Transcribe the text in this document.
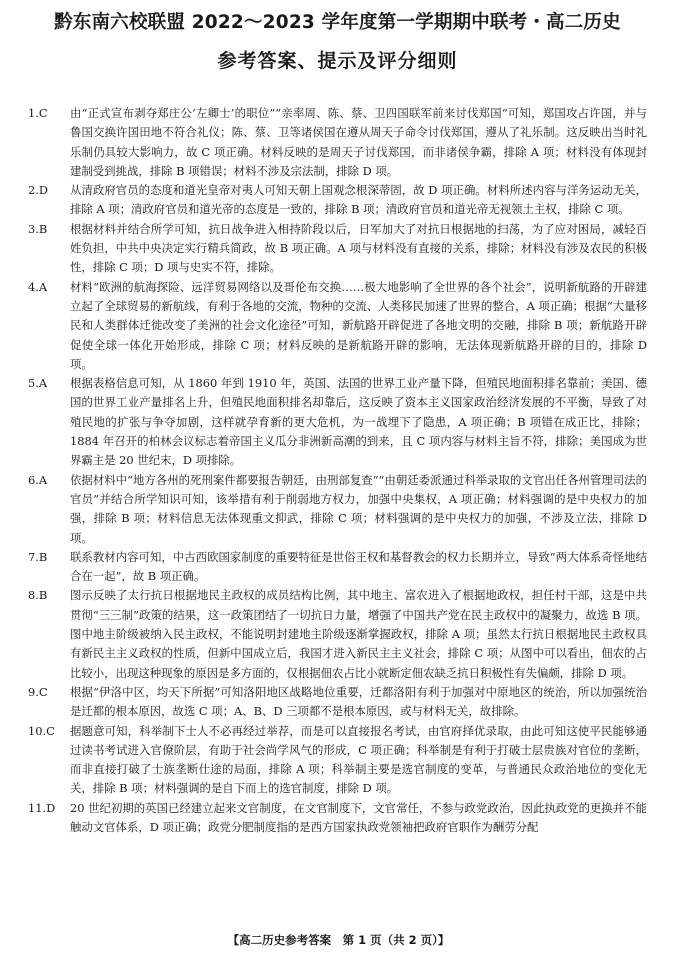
黔东南六校联盟 2022～2023 学年度第一学期期中联考・高二历史
参考答案、提示及评分细则
1.C	由“正式宣布剥夺郑庄公‘左卿士’的职位”“亲率周、陈、蔡、卫四国联军前来讨伐郑国”可知，郑国攻占许国，并与鲁国交换许国田地不符合礼仪；陈、蔡、卫等诸侯国在遵从周天子命令讨伐郑国，遵从了礼乐制。这反映出当时礼乐制仍具较大影响力，故 C 项正确。材料反映的是周天子讨伐郑国，而非诸侯争霸，排除 A 项；材料没有体现封建制受到挑战，排除 B 项错误；材料不涉及宗法制，排除 D 项。
2.D	从清政府官员的态度和道光皇帝对夷人可知天朝上国观念根深蒂固，故 D 项正确。材料所述内容与洋务运动无关，排除 A 项；清政府官员和道光帝的态度是一致的，排除 B 项；清政府官员和道光帝无视领土主权，排除 C 项。
3.B	根据材料并结合所学可知，抗日战争进入相持阶段以后，日军加大了对抗日根据地的扫荡，为了应对困局，减轻百姓负担，中共中央决定实行精兵简政，故 B 项正确。A 项与材料没有直接的关系，排除；材料没有涉及农民的积极性，排除 C 项；D 项与史实不符，排除。
4.A	材料“欧洲的航海探险、远洋贸易网络以及哥伦布交换……极大地影响了全世界的各个社会”，说明新航路的开辟建立起了全球贸易的新航线，有利于各地的交流，物种的交流、人类移民加速了世界的整合，A 项正确；根据“大量移民和人类群体迁徙改变了美洲的社会文化途径”可知，新航路开辟促进了各地文明的交融，排除 B 项；新航路开辟促使全球一体化开始形成，排除 C 项；材料反映的是新航路开辟的影响，无法体现新航路开辟的目的，排除 D 项。
5.A	根据表格信息可知，从 1860 年到 1910 年，英国、法国的世界工业产量下降，但殖民地面积排名靠前；美国、德国的世界工业产量排名上升，但殖民地面积排名却靠后，这反映了资本主义国家政治经济发展的不平衡，导致了对殖民地的扩张与争夺加剧，这样就孕育新的更大危机，为一战埋下了隐患，A 项正确；B 项错在成正比，排除；1884 年召开的柏林会议标志着帝国主义瓜分非洲新高潮的到来，且 C 项内容与材料主旨不符，排除；美国成为世界霸主是 20 世纪末，D 项排除。
6.A	依据材料中“地方各州的死刑案件都要报告朝廷，由刑部复查”“由朝廷委派通过科举录取的文官出任各州管理司法的官员”并结合所学知识可知，该举措有利于削弱地方权力，加强中央集权，A 项正确；材料强调的是中央权力的加强，排除 B 项；材料信息无法体现重文抑武，排除 C 项；材料强调的是中央权力的加强，不涉及立法，排除 D 项。
7.B	联系教材内容可知，中古西欧国家制度的重要特征是世俗王权和基督教会的权力长期并立，导致“两大体系奇怪地结合在一起”，故 B 项正确。
8.B	图示反映了太行抗日根据地民主政权的成员结构比例，其中地主、富农进入了根据地政权，担任村干部，这是中共贯彻“三三制”政策的结果，这一政策团结了一切抗日力量，增强了中国共产党在民主政权中的凝聚力，故选 B 项。图中地主阶级被纳入民主政权，不能说明封建地主阶级逐渐掌握政权，排除 A 项；虽然太行抗日根据地民主政权具有新民主主义政权的性质，但新中国成立后，我国才进入新民主主义社会，排除 C 项；从图中可以看出，佃农的占比较小，出现这种现象的原因是多方面的，仅根据佃农占比小就断定佃农缺乏抗日积极性有失偏颇，排除 D 项。
9.C	根据“伊洛中区，均天下所据”可知洛阳地区战略地位重要，迁都洛阳有利于加强对中原地区的统治，所以加强统治是迁都的根本原因，故选 C 项；A、B、D 三项都不是根本原因，或与材料无关，故排除。
10.C	据题意可知，科举制下士人不必再经过举荐，而是可以直接报名考试，由官府择优录取，由此可知这使平民能够通过读书考试进入官僚阶层，有助于社会尚学风气的形成，C 项正确；科举制是有利于打破士层贵族对官位的垄断，而非直接打破了士族垄断仕途的局面，排除 A 项；科举制主要是选官制度的变革，与普通民众政治地位的变化无关，排除 B 项；材料强调的是自下而上的选官制度，排除 D 项。
11.D	20 世纪初期的英国已经建立起来文官制度，在文官制度下，文官常任，不参与政党政治，因此执政党的更换并不能触动文官体系，D 项正确；政党分肥制度指的是西方国家执政党领袖把政府官职作为酬劳分配
【高二历史参考答案　第 1 页（共 2 页）】
